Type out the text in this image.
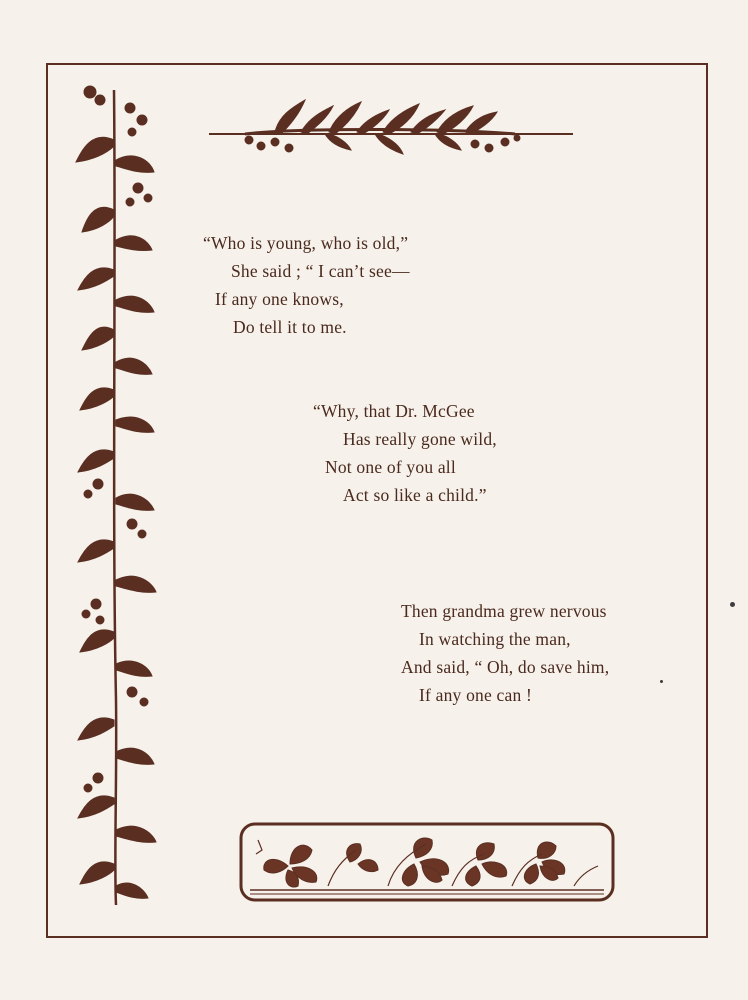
“Who is young, who is old,”
She said ; “ I can’t see—
If any one knows,
Do tell it to me.
“Why, that Dr. McGee
Has really gone wild,
Not one of you all
Act so like a child.”
Then grandma grew nervous
In watching the man,
And said, “ Oh, do save him,
If any one can !
